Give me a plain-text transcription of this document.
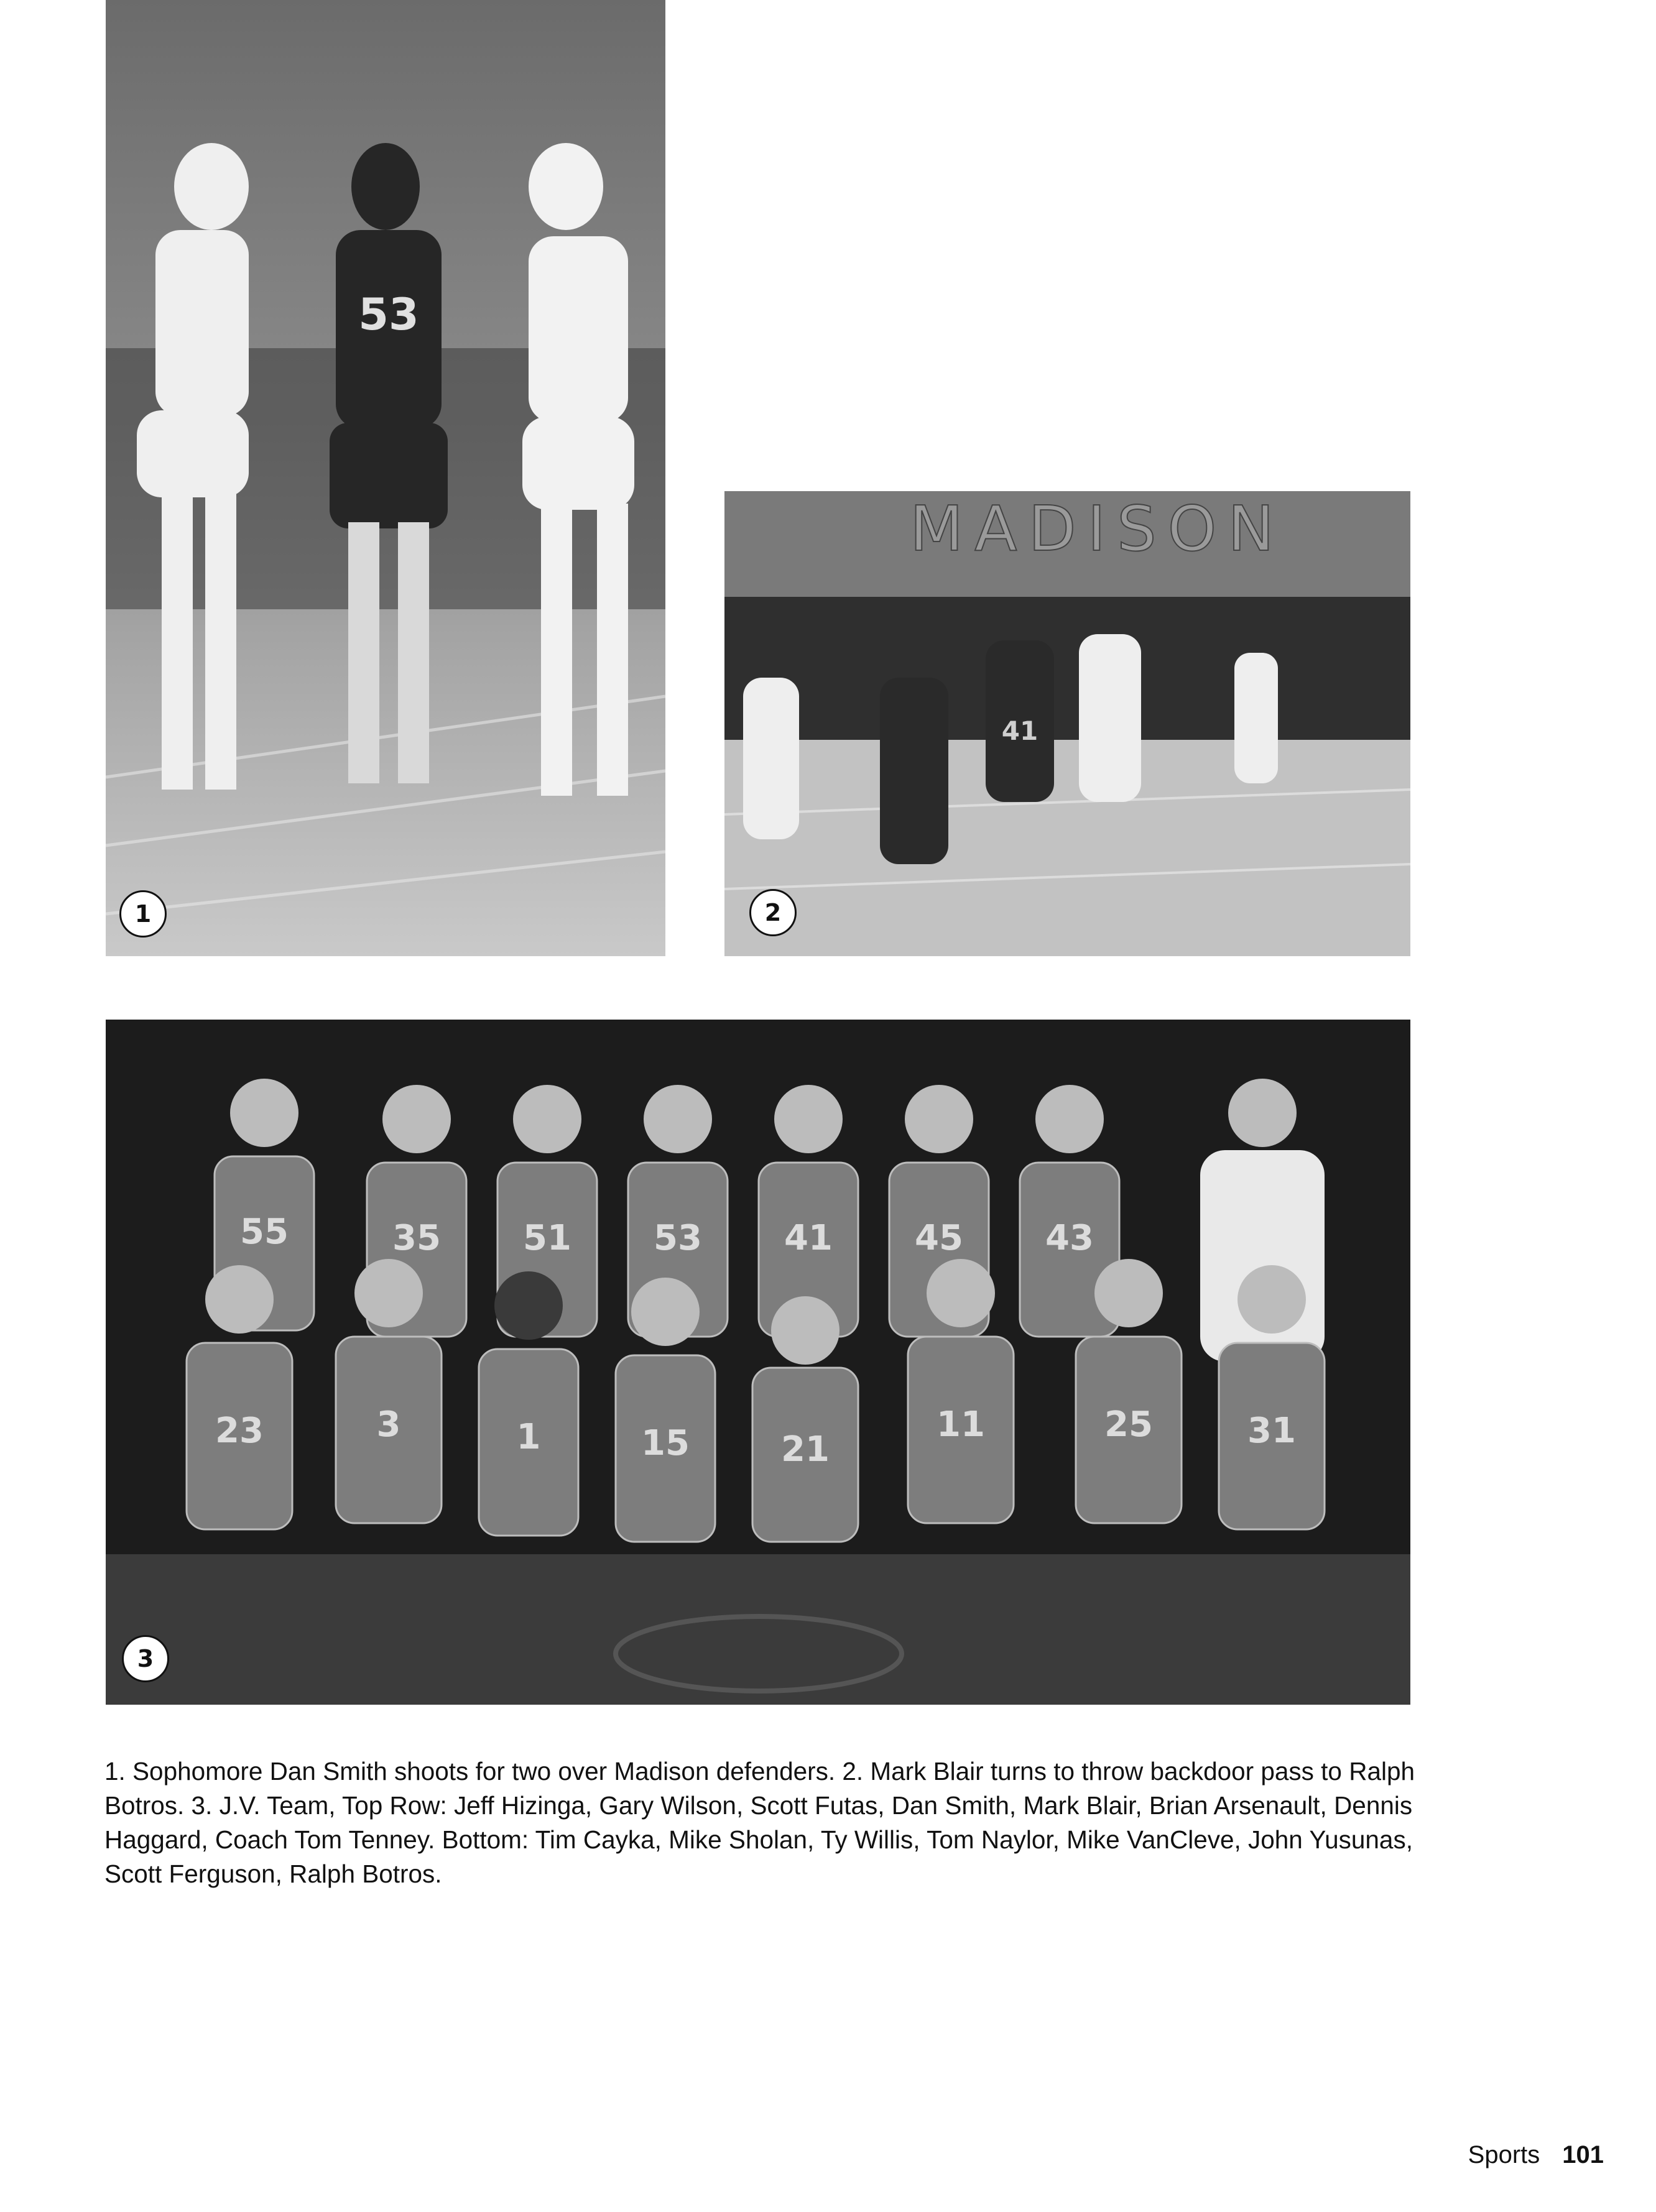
53
1
MADISON
41
2
55	35 51 53 41 45 43
23	3	1	15	21
11	25	31
3

1. Sophomore Dan Smith shoots for two over Madison defenders. 2. Mark Blair turns to throw backdoor pass to Ralph Botros. 3. J.V. Team, Top Row: Jeff Hizinga, Gary Wilson, Scott Futas, Dan Smith, Mark Blair, Brian Arsenault, Dennis Haggard, Coach Tom Tenney. Bottom: Tim Cayka, Mike Sholan, Ty Willis, Tom Naylor, Mike VanCleve, John Yusunas, Scott Ferguson, Ralph Botros.

Sports 101
